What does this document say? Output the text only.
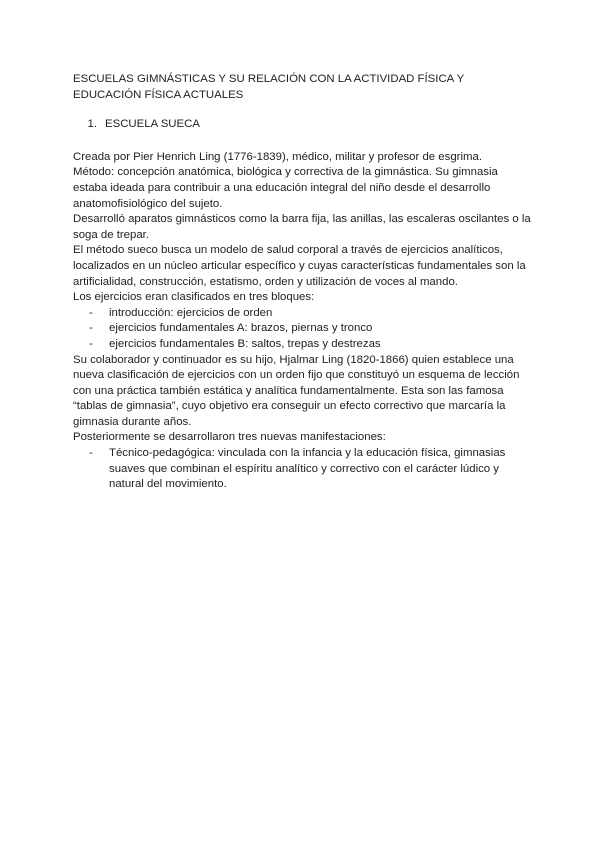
ESCUELAS GIMNÁSTICAS Y SU RELACIÓN CON LA ACTIVIDAD FÍSICA Y EDUCACIÓN FÍSICA ACTUALES
1. ESCUELA SUECA

Creada por Pier Henrich Ling (1776-1839), médico, militar y profesor de esgrima.

Método: concepción anatómica, biológica y correctiva de la gimnástica. Su gimnasia estaba ideada para contribuir a una educación integral del niño desde el desarrollo anatomofisiológico del sujeto.

Desarrolló aparatos gimnásticos como la barra fija, las anillas, las escaleras oscilantes o la soga de trepar.

El método sueco busca un modelo de salud corporal a través de ejercicios analíticos, localizados en un núcleo articular específico y cuyas características fundamentales son la artificialidad, construcción, estatismo, orden y utilización de voces al mando.

Los ejercicios eran clasificados en tres bloques:

-	introducción: ejercicios de orden
-	ejercicios fundamentales A: brazos, piernas y tronco
-	ejercicios fundamentales B: saltos, trepas y destrezas

Su colaborador y continuador es su hijo, Hjalmar Ling (1820-1866) quien establece una nueva clasificación de ejercicios con un orden fijo que constituyó un esquema de lección con una práctica también estática y analítica fundamentalmente. Esta son las famosa “tablas de gimnasia”, cuyo objetivo era conseguir un efecto correctivo que marcaría la gimnasia durante años.

Posteriormente se desarrollaron tres nuevas manifestaciones:

-	Técnico-pedagógica: vinculada con la infancia y la educación física, gimnasias suaves que combinan el espíritu analítico y correctivo con el carácter lúdico y natural del movimiento.
